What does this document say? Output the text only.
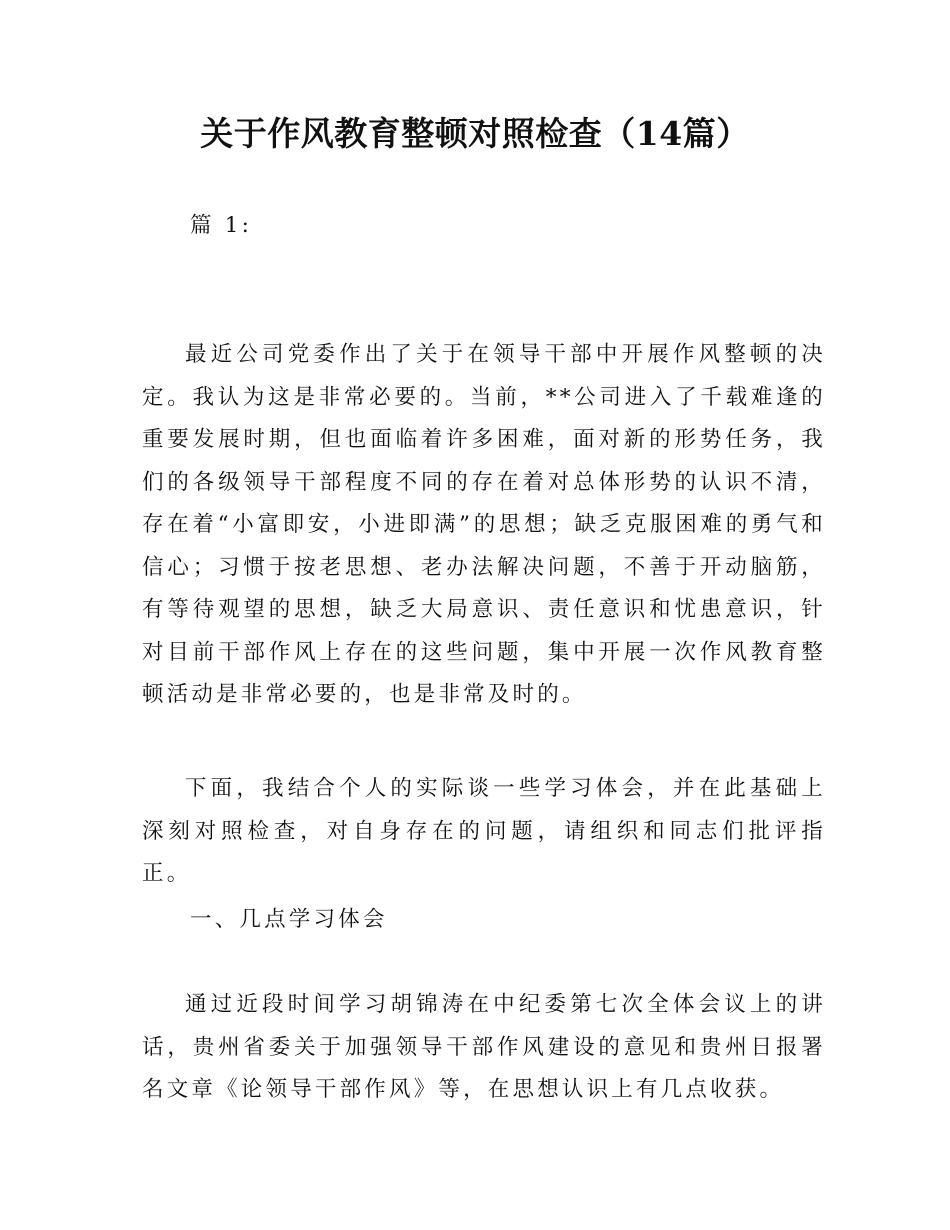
关于作风教育整顿对照检查（14篇）

篇 1:

最近公司党委作出了关于在领导干部中开展作风整顿的决定。我认为这是非常必要的。当前，**公司进入了千载难逢的重要发展时期，但也面临着许多困难，面对新的形势任务，我们的各级领导干部程度不同的存在着对总体形势的认识不清，存在着“小富即安，小进即满”的思想；缺乏克服困难的勇气和信心；习惯于按老思想、老办法解决问题，不善于开动脑筋，有等待观望的思想，缺乏大局意识、责任意识和忧患意识，针对目前干部作风上存在的这些问题，集中开展一次作风教育整顿活动是非常必要的，也是非常及时的。

下面，我结合个人的实际谈一些学习体会，并在此基础上深刻对照检查，对自身存在的问题，请组织和同志们批评指正。

一、几点学习体会

通过近段时间学习胡锦涛在中纪委第七次全体会议上的讲话，贵州省委关于加强领导干部作风建设的意见和贵州日报署名文章《论领导干部作风》等，在思想认识上有几点收获。
